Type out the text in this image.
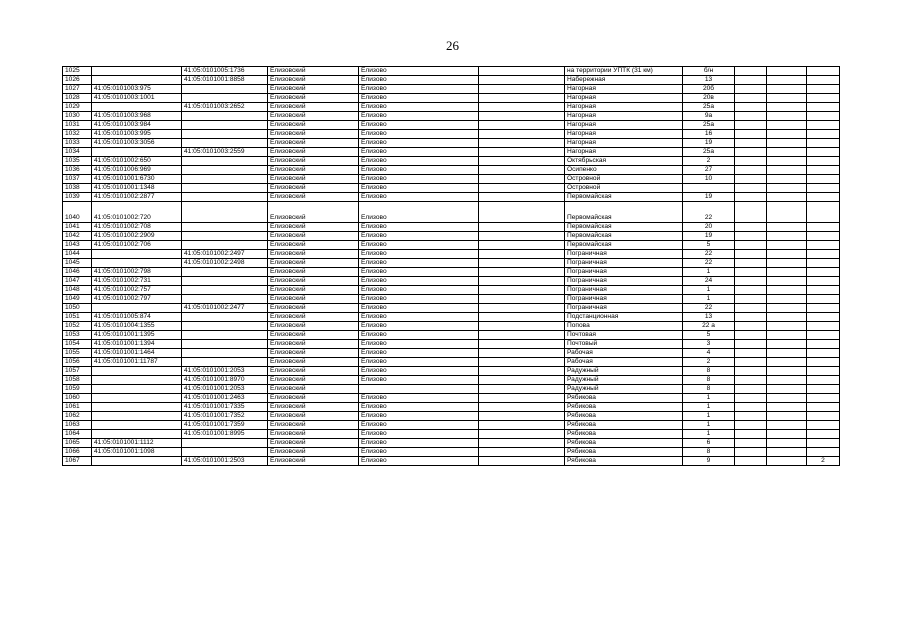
26
1025		41:05:0101005:1736	Елизовский	Елизово		на территории УПТК (31 км)	б/н			
1026		41:05:0101001:8858	Елизовский	Елизово		Набережная	13			
1027	41:05:0101003:975		Елизовский	Елизово		Нагорная	20б			
1028	41:05:0101003:1001		Елизовский	Елизово		Нагорная	20в			
1029		41:05:0101003:2652	Елизовский	Елизово		Нагорная	25а			
1030	41:05:0101003:968		Елизовский	Елизово		Нагорная	9а			
1031	41:05:0101003:984		Елизовский	Елизово		Нагорная	25а			
1032	41:05:0101003:995		Елизовский	Елизово		Нагорная	16			
1033	41:05:0101003:3056		Елизовский	Елизово		Нагорная	19			
1034		41:05:0101003:2559	Елизовский	Елизово		Нагорная	25а			
1035	41:05:0101002:650		Елизовский	Елизово		Октябрьская	2			
1036	41:05:0101006:969		Елизовский	Елизово		Осипенко	27			
1037	41:05:0101001:6730		Елизовский	Елизово		Островной	10			
1038	41:05:0101001:1348		Елизовский	Елизово		Островной				
1039	41:05:0101002:2877		Елизовский	Елизово		Первомайская	19			
1040	41:05:0101002:720		Елизовский	Елизово		Первомайская	22			
1041	41:05:0101002:708		Елизовский	Елизово		Первомайская	20			
1042	41:05:0101002:2909		Елизовский	Елизово		Первомайская	19			
1043	41:05:0101002:706		Елизовский	Елизово		Первомайская	5			
1044		41:05:0101002:2497	Елизовский	Елизово		Пограничная	22			
1045		41:05:0101002:2498	Елизовский	Елизово		Пограничная	22			
1046	41:05:0101002:798		Елизовский	Елизово		Пограничная	1			
1047	41:05:0101002:731		Елизовский	Елизово		Пограничная	24			
1048	41:05:0101002:757		Елизовский	Елизово		Пограничная	1			
1049	41:05:0101002:797		Елизовский	Елизово		Пограничная	1			
1050		41:05:0101002:2477	Елизовский	Елизово		Пограничная	22			
1051	41:05:0101005:874		Елизовский	Елизово		Подстанционная	13			
1052	41:05:0101004:1355		Елизовский	Елизово		Попова	22 а			
1053	41:05:0101001:1395		Елизовский	Елизово		Почтовая	5			
1054	41:05:0101001:1394		Елизовский	Елизово		Почтовый	3			
1055	41:05:0101001:1464		Елизовский	Елизово		Рабочая	4			
1056	41:05:0101001:11787		Елизовский	Елизово		Рабочая	2			
1057		41:05:0101001:2053	Елизовский	Елизово		Радужный	8			
1058		41:05:0101001:8970	Елизовский	Елизово		Радужный	8			
1059		41:05:0101001:2053	Елизовский			Радужный	8			
1060		41:05:0101001:2463	Елизовский	Елизово		Рябикова	1			
1061		41:05:0101001:7335	Елизовский	Елизово		Рябикова	1			
1062		41:05:0101001:7352	Елизовский	Елизово		Рябикова	1			
1063		41:05:0101001:7359	Елизовский	Елизово		Рябикова	1			
1064		41:05:0101001:8995	Елизовский	Елизово		Рябикова	1			
1065	41:05:0101001:1112		Елизовский	Елизово		Рябикова	6			
1066	41:05:0101001:1098		Елизовский	Елизово		Рябикова	8			
1067		41:05:0101001:2503	Елизовский	Елизово		Рябикова	9			2
